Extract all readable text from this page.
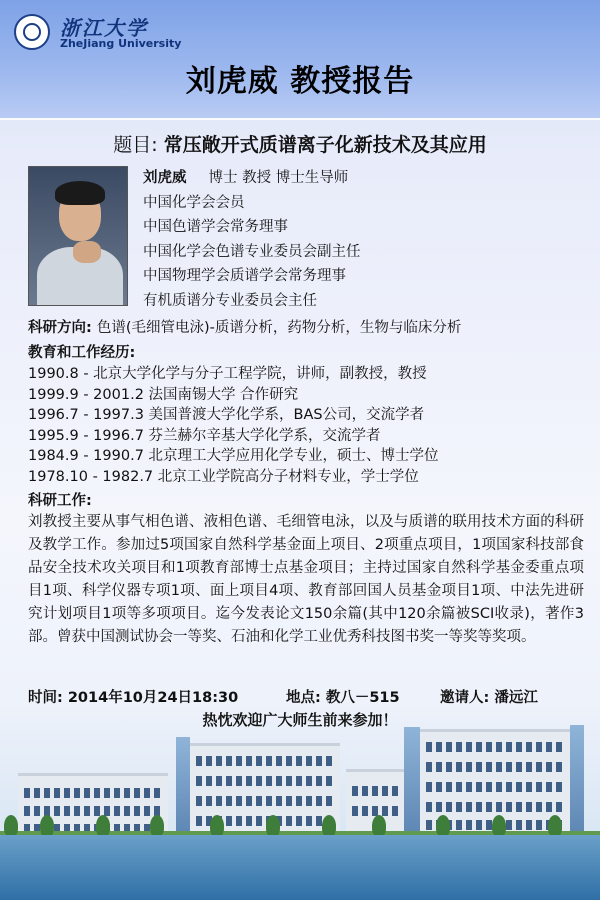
浙江大学
ZheJiang University
刘虎威 教授报告
题目: 常压敞开式质谱离子化新技术及其应用
刘虎威 博士 教授 博士生导师
中国化学会会员
中国色谱学会常务理事
中国化学会色谱专业委员会副主任
中国物理学会质谱学会常务理事
有机质谱分专业委员会主任
科研方向: 色谱(毛细管电泳)-质谱分析，药物分析，生物与临床分析
教育和工作经历:
1990.8 - 北京大学化学与分子工程学院，讲师，副教授，教授
1999.9 - 2001.2 法国南锡大学 合作研究
1996.7 - 1997.3 美国普渡大学化学系，BAS公司，交流学者
1995.9 - 1996.7 芬兰赫尔辛基大学化学系，交流学者
1984.9 - 1990.7 北京理工大学应用化学专业，硕士、博士学位
1978.10 - 1982.7 北京工业学院高分子材料专业，学士学位
科研工作:
刘教授主要从事气相色谱、液相色谱、毛细管电泳，以及与质谱的联用技术方面的科研及教学工作。参加过5项国家自然科学基金面上项目、2项重点项目，1项国家科技部食品安全技术攻关项目和1项教育部博士点基金项目；主持过国家自然科学基金委重点项目1项、科学仪器专项1项、面上项目4项、教育部回国人员基金项目1项、中法先进研究计划项目1项等多项项目。迄今发表论文150余篇(其中120余篇被SCI收录)，著作3部。曾获中国测试协会一等奖、石油和化学工业优秀科技图书奖一等奖等奖项。
时间: 2014年10月24日18:30	地点: 教八－515	邀请人: 潘远江
热忱欢迎广大师生前来参加！
